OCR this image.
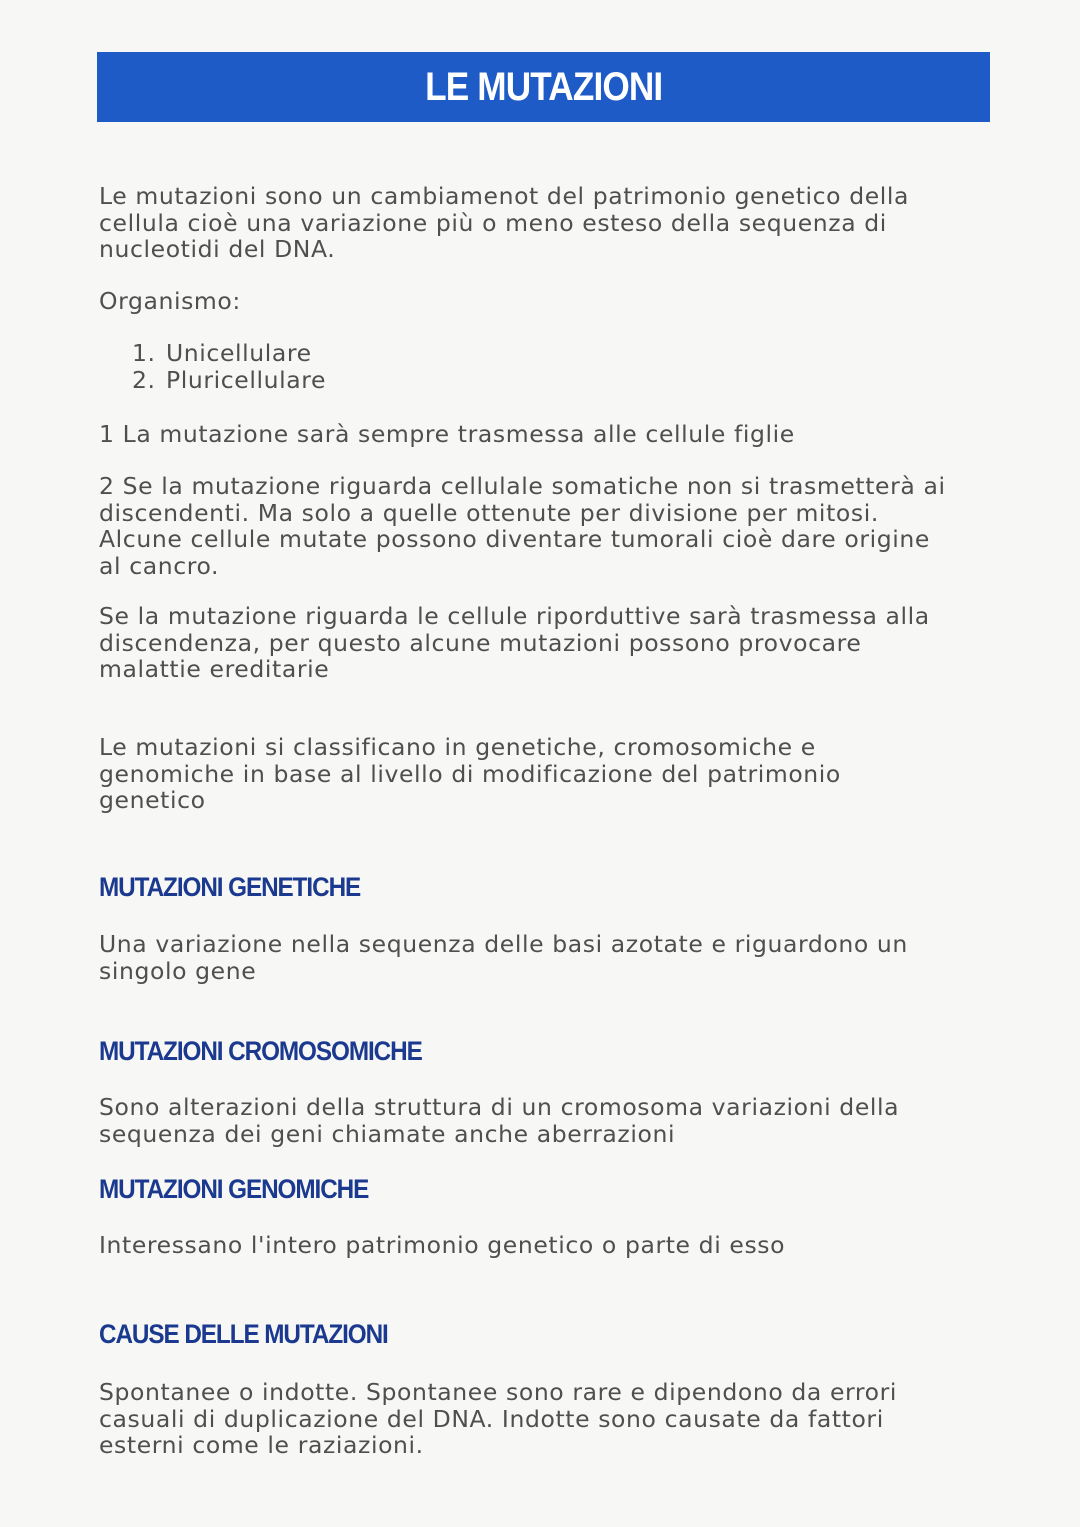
LE MUTAZIONI

Le mutazioni sono un cambiamenot del patrimonio genetico della
cellula cioè una variazione più o meno esteso della sequenza di
nucleotidi del DNA.

Organismo:

1. Unicellulare
2. Pluricellulare

1 La mutazione sarà sempre trasmessa alle cellule figlie

2 Se la mutazione riguarda cellulale somatiche non si trasmetterà ai
discendenti. Ma solo a quelle ottenute per divisione per mitosi.
Alcune cellule mutate possono diventare tumorali cioè dare origine
al cancro.

Se la mutazione riguarda le cellule riporduttive sarà trasmessa alla
discendenza, per questo alcune mutazioni possono provocare
malattie ereditarie

Le mutazioni si classificano in genetiche, cromosomiche e
genomiche in base al livello di modificazione del patrimonio
genetico

MUTAZIONI GENETICHE

Una variazione nella sequenza delle basi azotate e riguardono un
singolo gene

MUTAZIONI CROMOSOMICHE

Sono alterazioni della struttura di un cromosoma variazioni della
sequenza dei geni chiamate anche aberrazioni

MUTAZIONI GENOMICHE

Interessano l'intero patrimonio genetico o parte di esso

CAUSE DELLE MUTAZIONI

Spontanee o indotte. Spontanee sono rare e dipendono da errori
casuali di duplicazione del DNA. Indotte sono causate da fattori
esterni come le raziazioni.
